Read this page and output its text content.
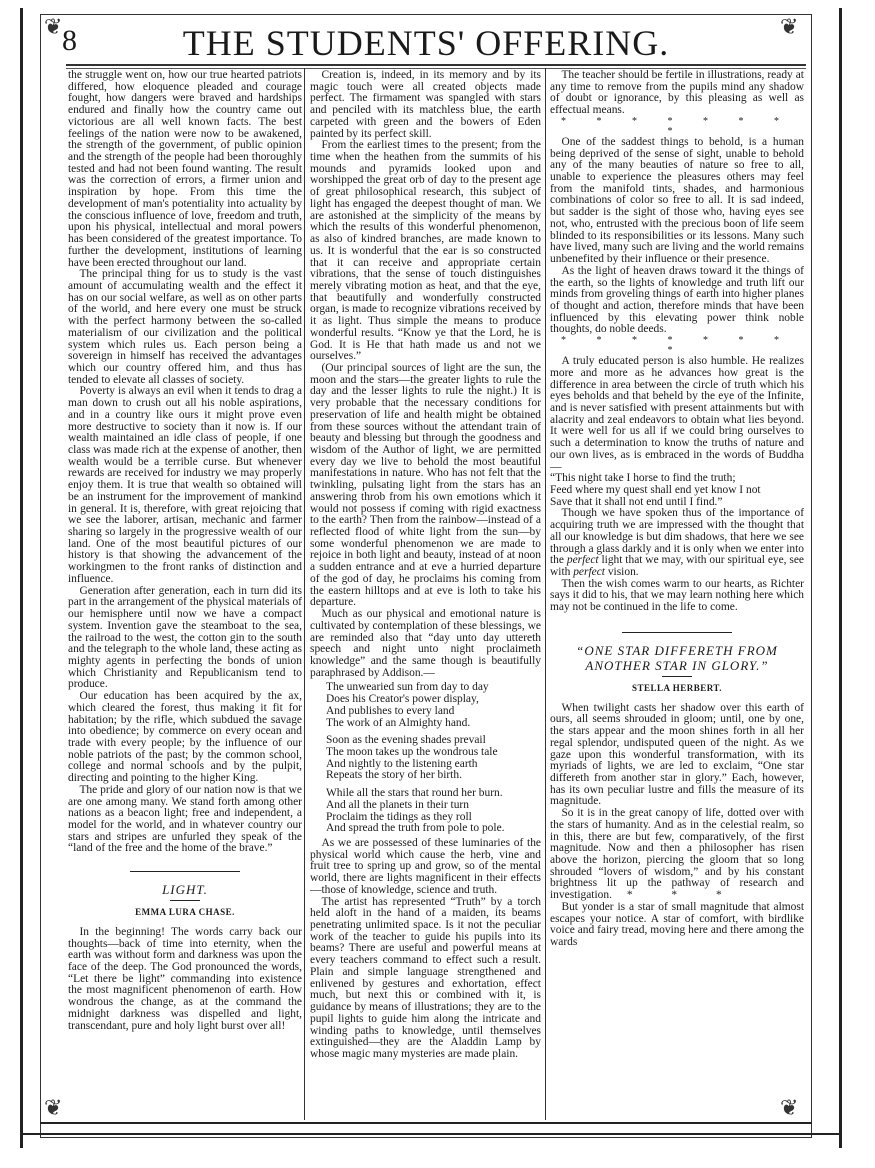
❦	❦
❦	❦
8	THE STUDENTS' OFFERING.

the struggle went on, how our true hearted patriots differed, how eloquence pleaded and courage fought, how dangers were braved and hardships endured and finally how the country came out victorious are all well known facts. The best feelings of the nation were now to be awakened, the strength of the government, of public opinion and the strength of the people had been thoroughly tested and had not been found wanting. The result was the correction of errors, a firmer union and inspiration by hope. From this time the development of man's potentiality into actuality by the conscious influence of love, freedom and truth, upon his physical, intellectual and moral powers has been considered of the greatest importance. To further the development, institutions of learning have been erected throughout our land.

The principal thing for us to study is the vast amount of accumulating wealth and the effect it has on our social welfare, as well as on other parts of the world, and here every one must be struck with the perfect harmony between the so-called materialism of our civilization and the political system which rules us. Each person being a sovereign in himself has received the advantages which our country offered him, and thus has tended to elevate all classes of society.

Poverty is always an evil when it tends to drag a man down to crush out all his noble aspirations, and in a country like ours it might prove even more destructive to society than it now is. If our wealth maintained an idle class of people, if one class was made rich at the expense of another, then wealth would be a terrible curse. But whenever rewards are received for industry we may properly enjoy them. It is true that wealth so obtained will be an instrument for the improvement of mankind in general. It is, therefore, with great rejoicing that we see the laborer, artisan, mechanic and farmer sharing so largely in the progressive wealth of our land. One of the most beautiful pictures of our history is that showing the advancement of the workingmen to the front ranks of distinction and influence.

Generation after generation, each in turn did its part in the arrangement of the physical materials of our hemisphere until now we have a compact system. Invention gave the steamboat to the sea, the railroad to the west, the cotton gin to the south and the telegraph to the whole land, these acting as mighty agents in perfecting the bonds of union which Christianity and Republicanism tend to produce.

Our education has been acquired by the ax, which cleared the forest, thus making it fit for habitation; by the rifle, which subdued the savage into obedience; by commerce on every ocean and trade with every people; by the influence of our noble patriots of the past; by the common school, college and normal schools and by the pulpit, directing and pointing to the higher King.

The pride and glory of our nation now is that we are one among many. We stand forth among other nations as a beacon light; free and independent, a model for the world, and in whatever country our stars and stripes are unfurled they speak of the “land of the free and the home of the brave.”

LIGHT.
EMMA LURA CHASE.

In the beginning! The words carry back our thoughts—back of time into eternity, when the earth was without form and darkness was upon the face of the deep. The God pronounced the words, “Let there be light” commanding into existence the most magnificent phenomenon of earth. How wondrous the change, as at the command the midnight darkness was dispelled and light, transcendant, pure and holy light burst over all!

Creation is, indeed, in its memory and by its magic touch were all created objects made perfect. The firmament was spangled with stars and penciled with its matchless blue, the earth carpeted with green and the bowers of Eden painted by its perfect skill.

From the earliest times to the present; from the time when the heathen from the summits of his mounds and pyramids looked upon and worshipped the great orb of day to the present age of great philosophical research, this subject of light has engaged the deepest thought of man. We are astonished at the simplicity of the means by which the results of this wonderful phenomenon, as also of kindred branches, are made known to us. It is wonderful that the ear is so constructed that it can receive and appropriate certain vibrations, that the sense of touch distinguishes merely vibrating motion as heat, and that the eye, that beautifully and wonderfully constructed organ, is made to recognize vibrations received by it as light. Thus simple the means to produce wonderful results. “Know ye that the Lord, he is God. It is He that hath made us and not we ourselves.”

(Our principal sources of light are the sun, the moon and the stars—the greater lights to rule the day and the lesser lights to rule the night.) It is very probable that the necessary conditions for preservation of life and health might be obtained from these sources without the attendant train of beauty and blessing but through the goodness and wisdom of the Author of light, we are permitted every day we live to behold the most beautiful manifestations in nature. Who has not felt that the twinkling, pulsating light from the stars has an answering throb from his own emotions which it would not possess if coming with rigid exactness to the earth? Then from the rainbow—instead of a reflected flood of white light from the sun—by some wonderful phenomenon we are made to rejoice in both light and beauty, instead of at noon a sudden entrance and at eve a hurried departure of the god of day, he proclaims his coming from the eastern hilltops and at eve is loth to take his departure.

Much as our physical and emotional nature is cultivated by contemplation of these blessings, we are reminded also that “day unto day uttereth speech and night unto night proclaimeth knowledge” and the same though is beautifully paraphrased by Addison.—

The unwearied sun from day to day
Does his Creator's power display,
And publishes to every land
The work of an Almighty hand.
Soon as the evening shades prevail
The moon takes up the wondrous tale
And nightly to the listening earth
Repeats the story of her birth.
While all the stars that round her burn.
And all the planets in their turn
Proclaim the tidings as they roll
And spread the truth from pole to pole.

As we are possessed of these luminaries of the physical world which cause the herb, vine and fruit tree to spring up and grow, so of the mental world, there are lights magnificent in their effects—those of knowledge, science and truth.

The artist has represented “Truth” by a torch held aloft in the hand of a maiden, its beams penetrating unlimited space. Is it not the peculiar work of the teacher to guide his pupils into its beams? There are useful and powerful means at every teachers command to effect such a result. Plain and simple language strengthened and enlivened by gestures and exhortation, effect much, but next this or combined with it, is guidance by means of illustrations; they are to the pupil lights to guide him along the intricate and winding paths to knowledge, until themselves extinguished—they are the Aladdin Lamp by whose magic many mysteries are made plain.

The teacher should be fertile in illustrations, ready at any time to remove from the pupils mind any shadow of doubt or ignorance, by this pleasing as well as effectual means.

* * * * * * * *

One of the saddest things to behold, is a human being deprived of the sense of sight, unable to behold any of the many beauties of nature so free to all, unable to experience the pleasures others may feel from the manifold tints, shades, and harmonious combinations of color so free to all. It is sad indeed, but sadder is the sight of those who, having eyes see not, who, entrusted with the precious boon of life seem blinded to its responsibilities or its lessons. Many such have lived, many such are living and the world remains unbenefited by their influence or their presence.

As the light of heaven draws toward it the things of the earth, so the lights of knowledge and truth lift our minds from groveling things of earth into higher planes of thought and action, therefore minds that have been influenced by this elevating power think noble thoughts, do noble deeds.

* * * * * * * *

A truly educated person is also humble. He realizes more and more as he advances how great is the difference in area between the circle of truth which his eyes beholds and that beheld by the eye of the Infinite, and is never satisfied with present attainments but with alacrity and zeal endeavors to obtain what lies beyond. It were well for us all if we could bring ourselves to such a determination to know the truths of nature and our own lives, as is embraced in the words of Buddha—

“This night take I horse to find the truth;
Feed where my quest shall end yet know I not
Save that it shall not end until I find.”

Though we have spoken thus of the importance of acquiring truth we are impressed with the thought that all our knowledge is but dim shadows, that here we see through a glass darkly and it is only when we enter into the perfect light that we may, with our spiritual eye, see with perfect vision.

Then the wish comes warm to our hearts, as Richter says it did to his, that we may learn nothing here which may not be continued in the life to come.

“ONE STAR DIFFERETH FROM
ANOTHER STAR IN GLORY.”
STELLA HERBERT.

When twilight casts her shadow over this earth of ours, all seems shrouded in gloom; until, one by one, the stars appear and the moon shines forth in all her regal splendor, undisputed queen of the night. As we gaze upon this wonderful transformation, with its myriads of lights, we are led to exclaim, “One star differeth from another star in glory.” Each, however, has its own peculiar lustre and fills the measure of its magnitude.

So it is in the great canopy of life, dotted over with the stars of humanity. And as in the celestial realm, so in this, there are but few, comparatively, of the first magnitude. Now and then a philosopher has risen above the horizon, piercing the gloom that so long shrouded “lovers of wisdom,” and by his constant brightness lit up the pathway of research and investigation. * * *

But yonder is a star of small magnitude that almost escapes your notice. A star of comfort, with birdlike voice and fairy tread, moving here and there among the wards
